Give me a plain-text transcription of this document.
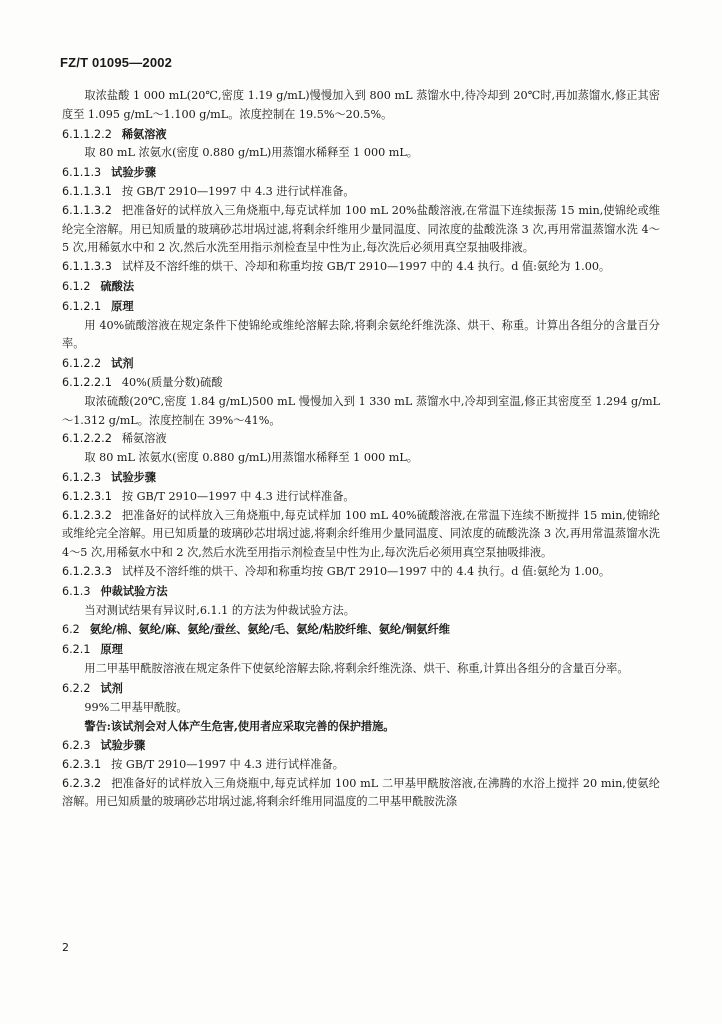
FZ/T 01095—2002

取浓盐酸 1 000 mL(20℃,密度 1.19 g/mL)慢慢加入到 800 mL 蒸馏水中,待冷却到 20℃时,再加蒸馏水,修正其密度至 1.095 g/mL～1.100 g/mL。浓度控制在 19.5%～20.5%。

6.1.1.2.2 稀氨溶液

取 80 mL 浓氨水(密度 0.880 g/mL)用蒸馏水稀释至 1 000 mL。

6.1.1.3 试验步骤

6.1.1.3.1 按 GB/T 2910—1997 中 4.3 进行试样准备。

6.1.1.3.2 把准备好的试样放入三角烧瓶中,每克试样加 100 mL 20%盐酸溶液,在常温下连续振荡 15 min,使锦纶或维纶完全溶解。用已知质量的玻璃砂芯坩埚过滤,将剩余纤维用少量同温度、同浓度的盐酸洗涤 3 次,再用常温蒸馏水洗 4～5 次,用稀氨水中和 2 次,然后水洗至用指示剂检查呈中性为止,每次洗后必须用真空泵抽吸排液。

6.1.1.3.3 试样及不溶纤维的烘干、冷却和称重均按 GB/T 2910—1997 中的 4.4 执行。d 值:氨纶为 1.00。

6.1.2 硫酸法

6.1.2.1 原理

用 40%硫酸溶液在规定条件下使锦纶或维纶溶解去除,将剩余氨纶纤维洗涤、烘干、称重。计算出各组分的含量百分率。

6.1.2.2 试剂

6.1.2.2.1 40%(质量分数)硫酸

取浓硫酸(20℃,密度 1.84 g/mL)500 mL 慢慢加入到 1 330 mL 蒸馏水中,冷却到室温,修正其密度至 1.294 g/mL～1.312 g/mL。浓度控制在 39%～41%。

6.1.2.2.2 稀氨溶液

取 80 mL 浓氨水(密度 0.880 g/mL)用蒸馏水稀释至 1 000 mL。

6.1.2.3 试验步骤

6.1.2.3.1 按 GB/T 2910—1997 中 4.3 进行试样准备。

6.1.2.3.2 把准备好的试样放入三角烧瓶中,每克试样加 100 mL 40%硫酸溶液,在常温下连续不断搅拌 15 min,使锦纶或维纶完全溶解。用已知质量的玻璃砂芯坩埚过滤,将剩余纤维用少量同温度、同浓度的硫酸洗涤 3 次,再用常温蒸馏水洗 4～5 次,用稀氨水中和 2 次,然后水洗至用指示剂检查呈中性为止,每次洗后必须用真空泵抽吸排液。

6.1.2.3.3 试样及不溶纤维的烘干、冷却和称重均按 GB/T 2910—1997 中的 4.4 执行。d 值:氨纶为 1.00。

6.1.3 仲裁试验方法

当对测试结果有异议时,6.1.1 的方法为仲裁试验方法。

6.2 氨纶/棉、氨纶/麻、氨纶/蚕丝、氨纶/毛、氨纶/粘胶纤维、氨纶/铜氨纤维

6.2.1 原理

用二甲基甲酰胺溶液在规定条件下使氨纶溶解去除,将剩余纤维洗涤、烘干、称重,计算出各组分的含量百分率。

6.2.2 试剂

99%二甲基甲酰胺。

警告:该试剂会对人体产生危害,使用者应采取完善的保护措施。

6.2.3 试验步骤

6.2.3.1 按 GB/T 2910—1997 中 4.3 进行试样准备。

6.2.3.2 把准备好的试样放入三角烧瓶中,每克试样加 100 mL 二甲基甲酰胺溶液,在沸腾的水浴上搅拌 20 min,使氨纶溶解。用已知质量的玻璃砂芯坩埚过滤,将剩余纤维用同温度的二甲基甲酰胺洗涤

2
